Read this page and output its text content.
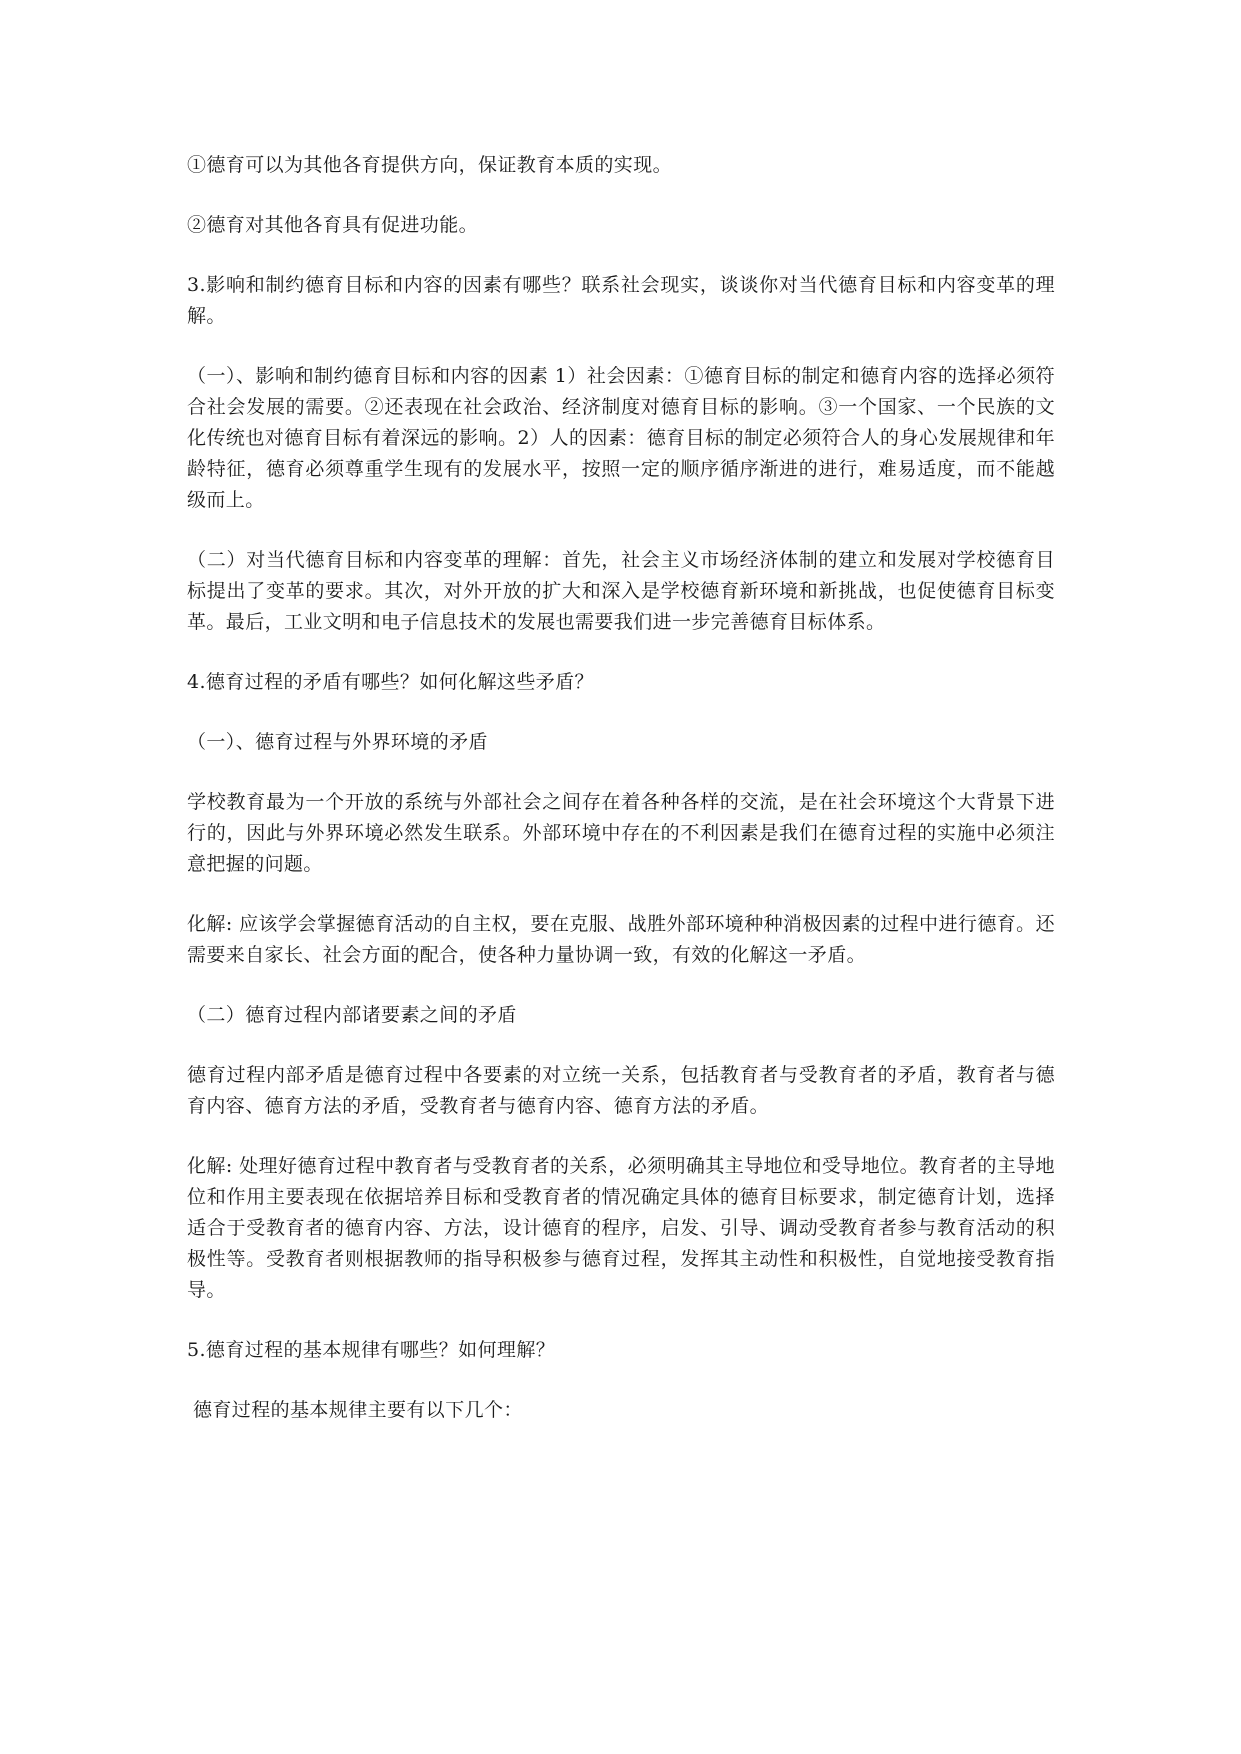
①德育可以为其他各育提供方向，保证教育本质的实现。

②德育对其他各育具有促进功能。

3.影响和制约德育目标和内容的因素有哪些？联系社会现实，谈谈你对当代德育目标和内容变革的理解。

（一）、影响和制约德育目标和内容的因素 1）社会因素：①德育目标的制定和德育内容的选择必须符合社会发展的需要。②还表现在社会政治、经济制度对德育目标的影响。③一个国家、一个民族的文化传统也对德育目标有着深远的影响。2）人的因素：德育目标的制定必须符合人的身心发展规律和年龄特征，德育必须尊重学生现有的发展水平，按照一定的顺序循序渐进的进行，难易适度，而不能越级而上。

（二）对当代德育目标和内容变革的理解：首先，社会主义市场经济体制的建立和发展对学校德育目标提出了变革的要求。其次，对外开放的扩大和深入是学校德育新环境和新挑战，也促使德育目标变革。最后，工业文明和电子信息技术的发展也需要我们进一步完善德育目标体系。

4.德育过程的矛盾有哪些？如何化解这些矛盾？

（一）、德育过程与外界环境的矛盾

学校教育最为一个开放的系统与外部社会之间存在着各种各样的交流，是在社会环境这个大背景下进行的，因此与外界环境必然发生联系。外部环境中存在的不利因素是我们在德育过程的实施中必须注意把握的问题。

化解: 应该学会掌握德育活动的自主权，要在克服、战胜外部环境种种消极因素的过程中进行德育。还需要来自家长、社会方面的配合，使各种力量协调一致，有效的化解这一矛盾。

（二）德育过程内部诸要素之间的矛盾

德育过程内部矛盾是德育过程中各要素的对立统一关系，包括教育者与受教育者的矛盾，教育者与德育内容、德育方法的矛盾，受教育者与德育内容、德育方法的矛盾。

化解: 处理好德育过程中教育者与受教育者的关系，必须明确其主导地位和受导地位。教育者的主导地位和作用主要表现在依据培养目标和受教育者的情况确定具体的德育目标要求，制定德育计划，选择适合于受教育者的德育内容、方法，设计德育的程序，启发、引导、调动受教育者参与教育活动的积极性等。受教育者则根据教师的指导积极参与德育过程，发挥其主动性和积极性，自觉地接受教育指导。

5.德育过程的基本规律有哪些？如何理解？

德育过程的基本规律主要有以下几个：
